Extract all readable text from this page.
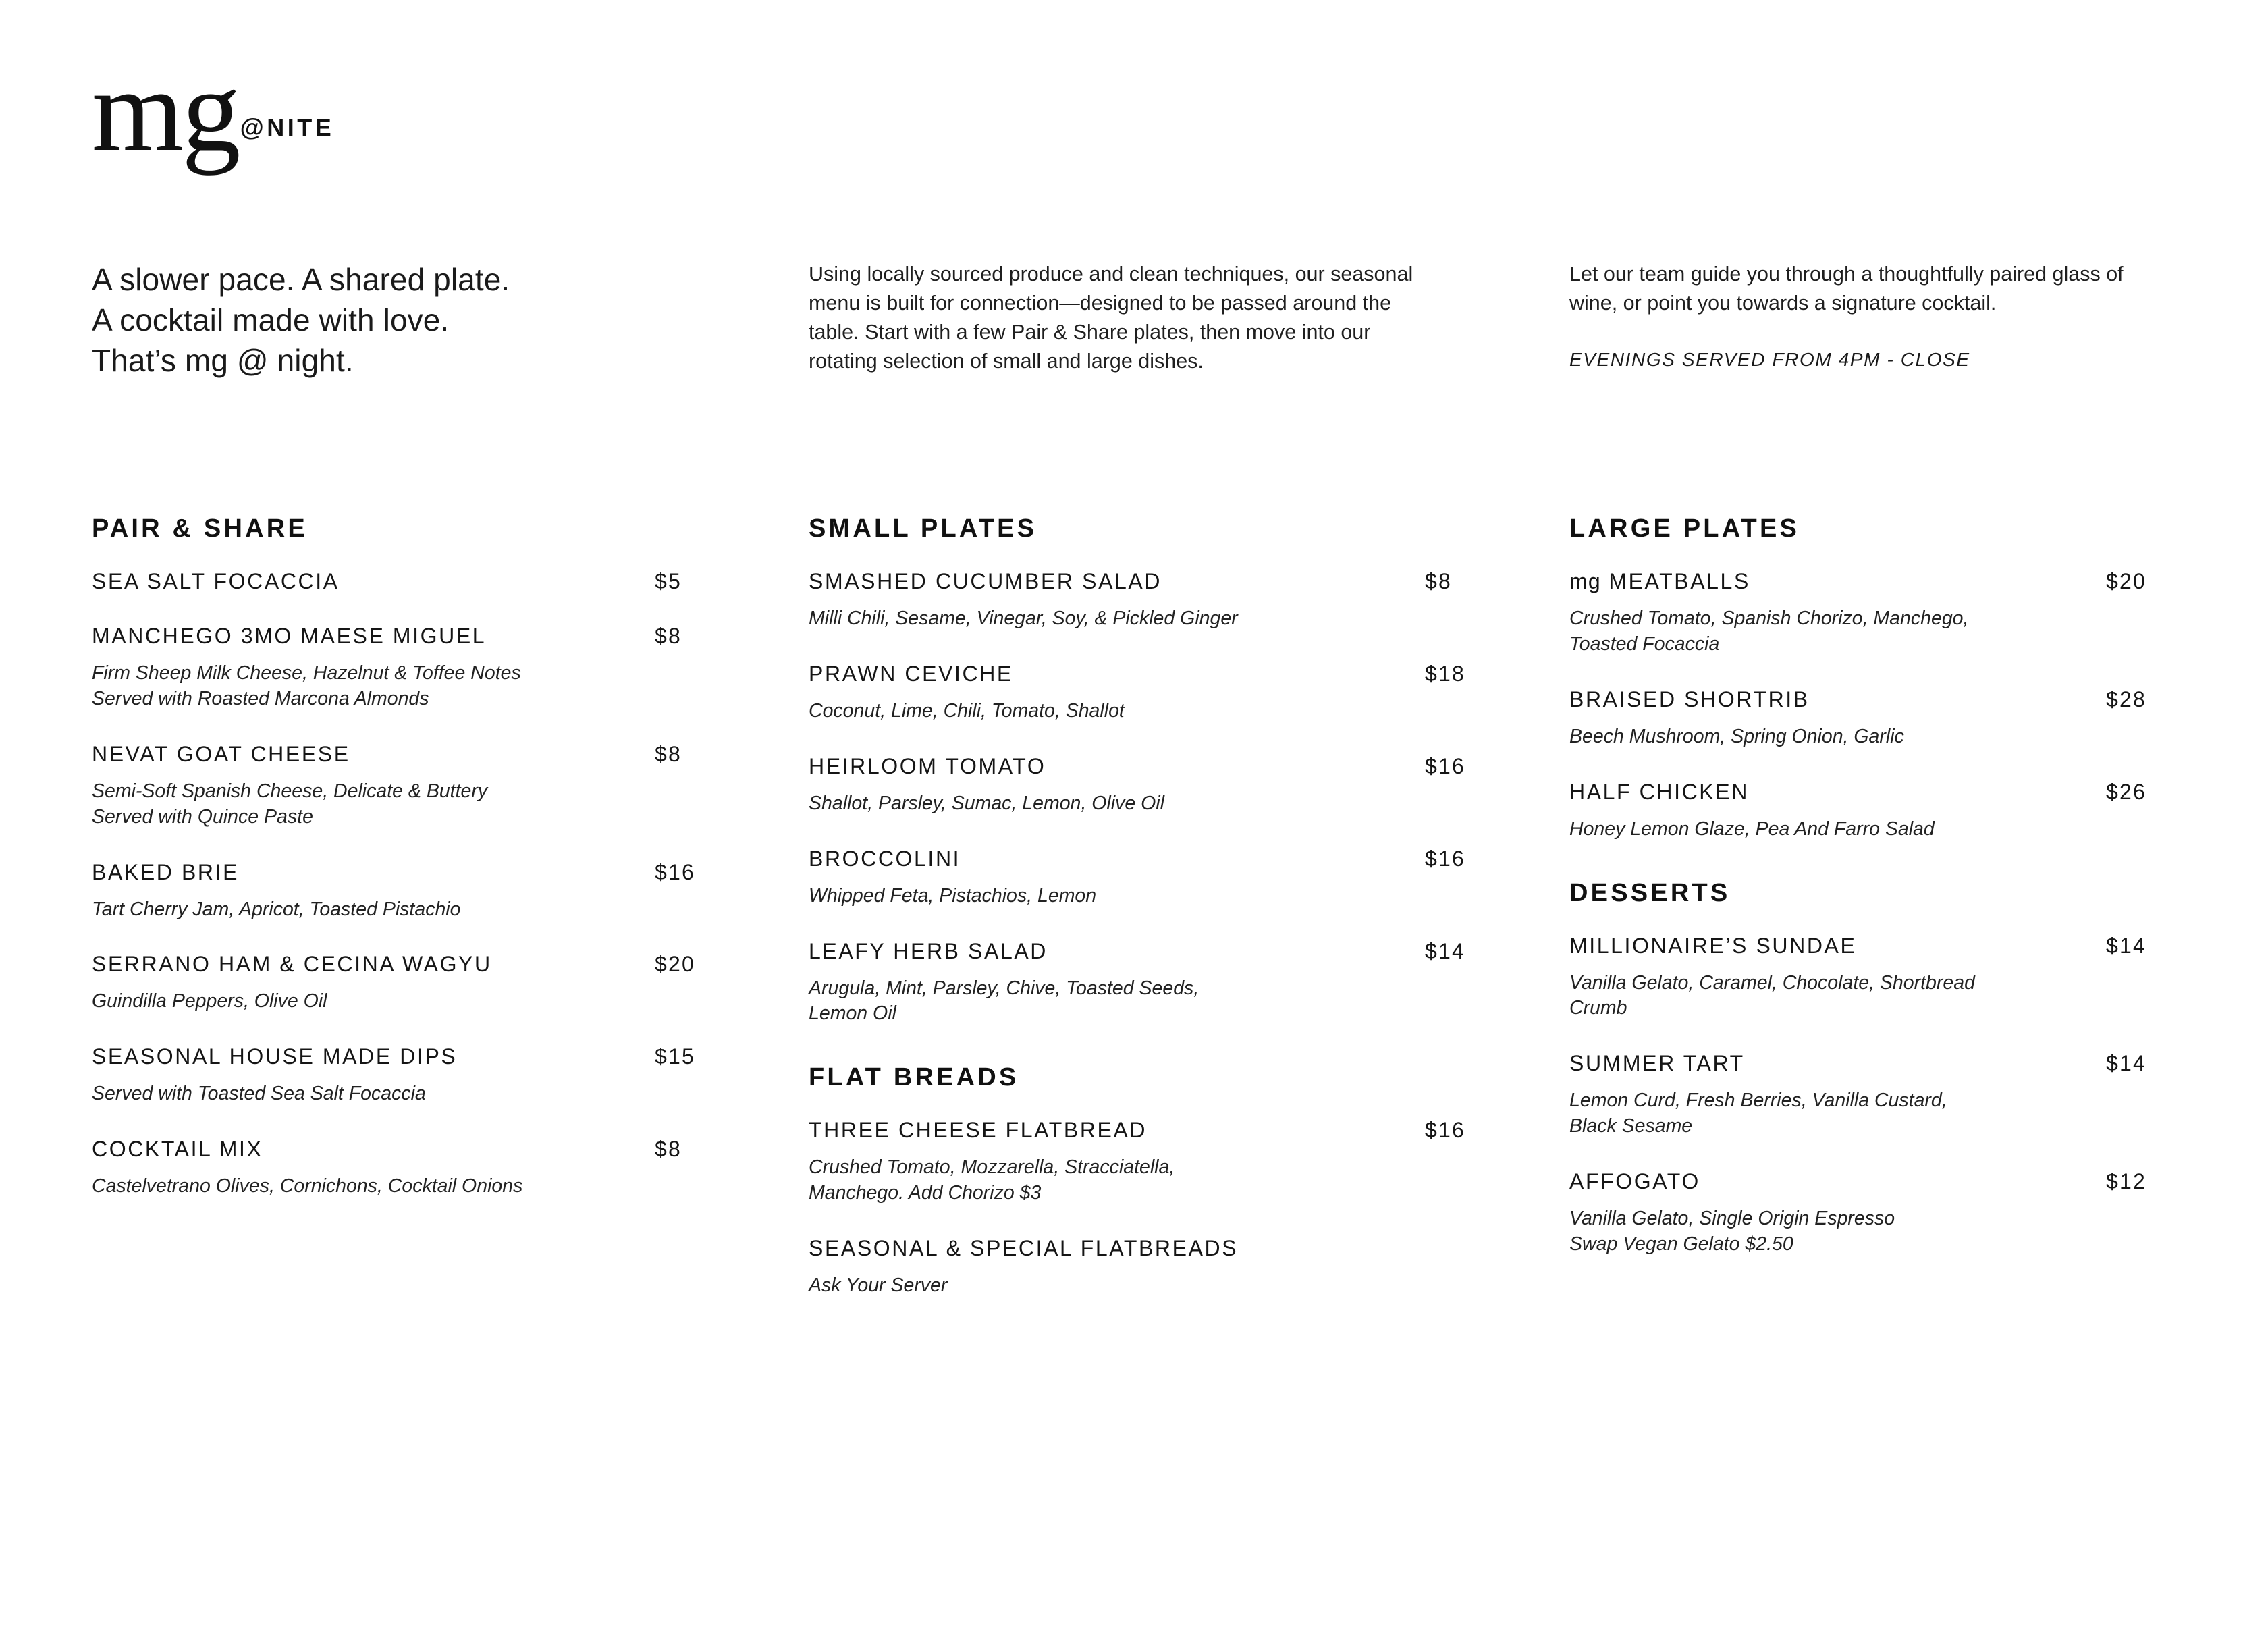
mg @NITE
A slower pace. A shared plate.
A cocktail made with love.
That’s mg @ night.
Using locally sourced produce and clean techniques, our seasonal menu is built for connection—designed to be passed around the table. Start with a few Pair & Share plates, then move into our rotating selection of small and large dishes.
Let our team guide you through a thoughtfully paired glass of wine, or point you towards a signature cocktail.
EVENINGS SERVED FROM 4PM - CLOSE
PAIR & SHARE
SEA SALT FOCACCIA	$5
MANCHEGO 3MO MAESE MIGUEL	$8
Firm Sheep Milk Cheese, Hazelnut & Toffee Notes
Served with Roasted Marcona Almonds
NEVAT GOAT CHEESE	$8
Semi-Soft Spanish Cheese, Delicate & Buttery
Served with Quince Paste
BAKED BRIE	$16
Tart Cherry Jam, Apricot, Toasted Pistachio
SERRANO HAM & CECINA WAGYU	$20
Guindilla Peppers, Olive Oil
SEASONAL HOUSE MADE DIPS	$15
Served with Toasted Sea Salt Focaccia
COCKTAIL MIX	$8
Castelvetrano Olives, Cornichons, Cocktail Onions
SMALL PLATES
SMASHED CUCUMBER SALAD	$8
Milli Chili, Sesame, Vinegar, Soy, & Pickled Ginger
PRAWN CEVICHE	$18
Coconut, Lime, Chili, Tomato, Shallot
HEIRLOOM TOMATO	$16
Shallot, Parsley, Sumac, Lemon, Olive Oil
BROCCOLINI	$16
Whipped Feta, Pistachios, Lemon
LEAFY HERB SALAD	$14
Arugula, Mint, Parsley, Chive, Toasted Seeds,
Lemon Oil
FLAT BREADS
THREE CHEESE FLATBREAD	$16
Crushed Tomato, Mozzarella, Stracciatella,
Manchego. Add Chorizo $3
SEASONAL & SPECIAL FLATBREADS
Ask Your Server
LARGE PLATES
mg MEATBALLS	$20
Crushed Tomato, Spanish Chorizo, Manchego,
Toasted Focaccia
BRAISED SHORTRIB	$28
Beech Mushroom, Spring Onion, Garlic
HALF CHICKEN	$26
Honey Lemon Glaze, Pea And Farro Salad
DESSERTS
MILLIONAIRE’S SUNDAE	$14
Vanilla Gelato, Caramel, Chocolate, Shortbread
Crumb
SUMMER TART	$14
Lemon Curd, Fresh Berries, Vanilla Custard,
Black Sesame
AFFOGATO	$12
Vanilla Gelato, Single Origin Espresso
Swap Vegan Gelato $2.50
